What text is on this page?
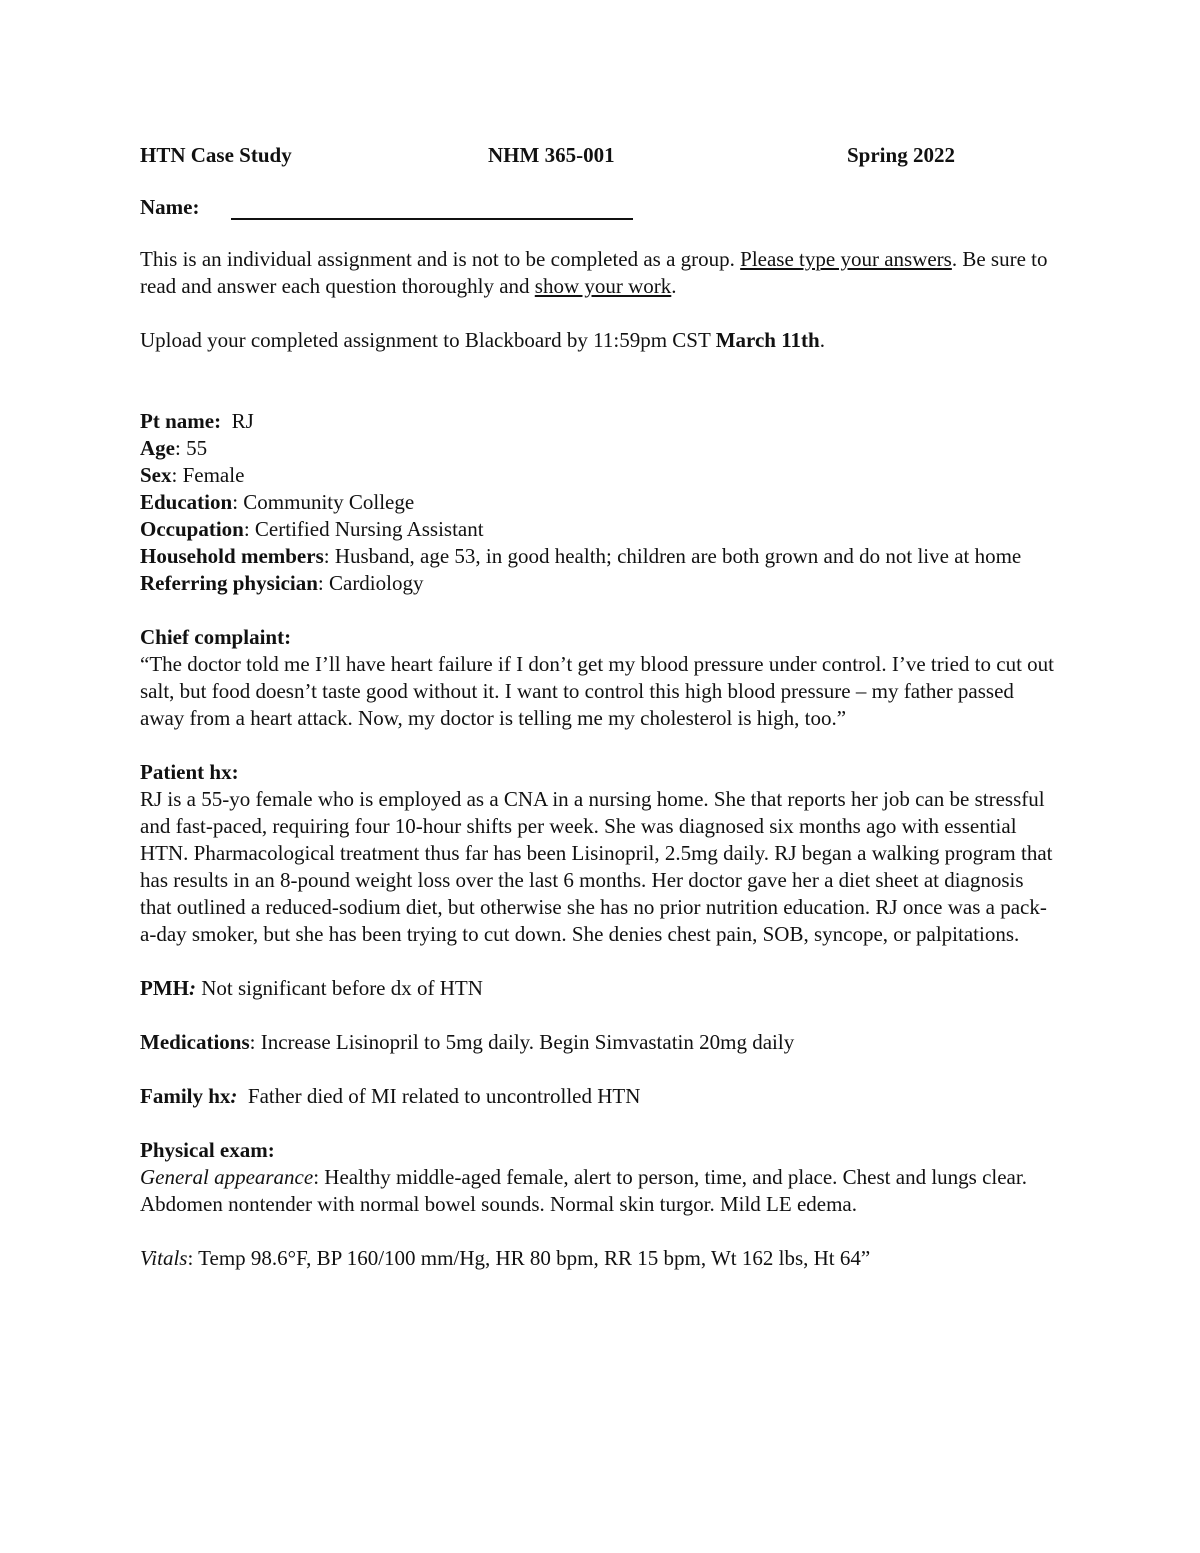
HTN Case Study	NHM 365-001	Spring 2022
Name:

This is an individual assignment and is not to be completed as a group. Please type your answers. Be sure to read and answer each question thoroughly and show your work.

Upload your completed assignment to Blackboard by 11:59pm CST March 11th.

Pt name:  RJ

Age: 55

Sex: Female

Education: Community College

Occupation: Certified Nursing Assistant

Household members: Husband, age 53, in good health; children are both grown and do not live at home

Referring physician: Cardiology

Chief complaint:

“The doctor told me I’ll have heart failure if I don’t get my blood pressure under control. I’ve tried to cut out salt, but food doesn’t taste good without it. I want to control this high blood pressure – my father passed away from a heart attack. Now, my doctor is telling me my cholesterol is high, too.”

Patient hx:

RJ is a 55-yo female who is employed as a CNA in a nursing home. She that reports her job can be stressful and fast-paced, requiring four 10-hour shifts per week. She was diagnosed six months ago with essential HTN. Pharmacological treatment thus far has been Lisinopril, 2.5mg daily. RJ began a walking program that has results in an 8-pound weight loss over the last 6 months. Her doctor gave her a diet sheet at diagnosis that outlined a reduced-sodium diet, but otherwise she has no prior nutrition education. RJ once was a pack-a-day smoker, but she has been trying to cut down. She denies chest pain, SOB, syncope, or palpitations.

PMH: Not significant before dx of HTN

Medications: Increase Lisinopril to 5mg daily. Begin Simvastatin 20mg daily

Family hx:  Father died of MI related to uncontrolled HTN

Physical exam:

General appearance: Healthy middle-aged female, alert to person, time, and place. Chest and lungs clear. Abdomen nontender with normal bowel sounds. Normal skin turgor. Mild LE edema.

Vitals: Temp 98.6°F, BP 160/100 mm/Hg, HR 80 bpm, RR 15 bpm, Wt 162 lbs, Ht 64”
